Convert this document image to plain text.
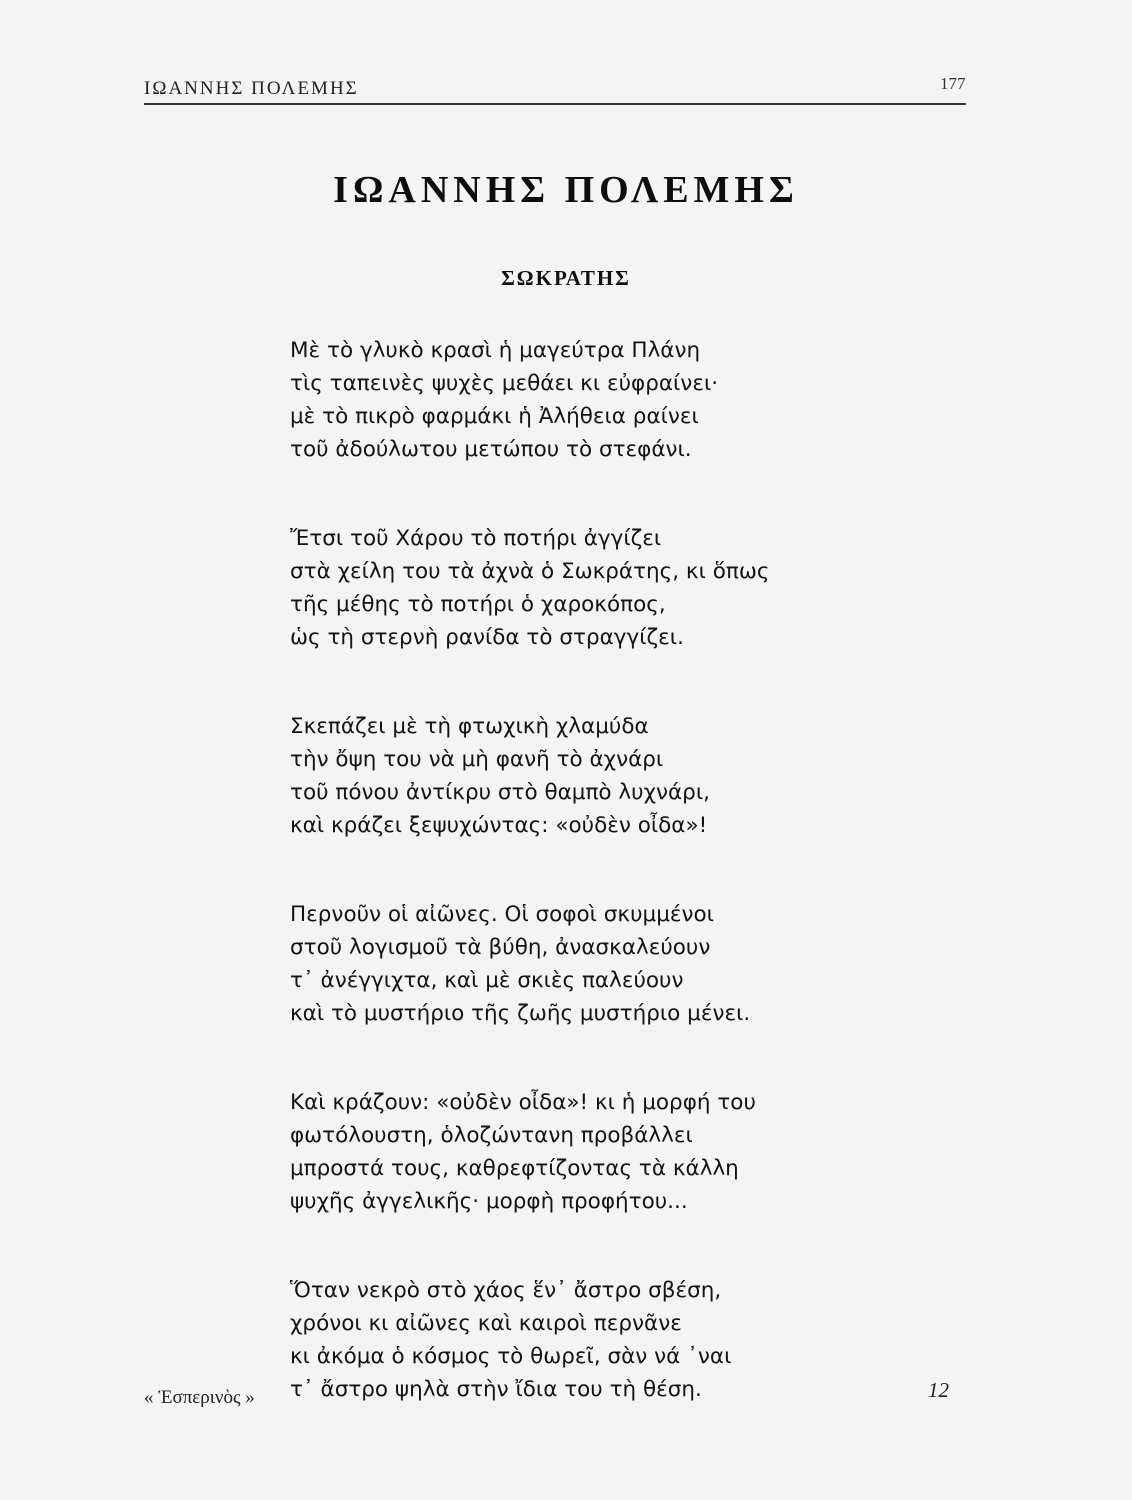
ΙΩΑΝΝΗΣ ΠΟΛΕΜΗΣ	177
ΙΩΑΝΝΗΣ ΠΟΛΕΜΗΣ
ΣΩΚΡΑΤΗΣ
Μὲ τὸ γλυκὸ κρασὶ ἡ μαγεύτρα Πλάνη
τὶς ταπεινὲς ψυχὲς μεθάει κι εὐφραίνει·
μὲ τὸ πικρὸ φαρμάκι ἡ Ἀλήθεια ραίνει
τοῦ ἀδούλωτου μετώπου τὸ στεφάνι.
Ἔτσι τοῦ Χάρου τὸ ποτήρι ἀγγίζει
στὰ χείλη του τὰ ἀχνὰ ὁ Σωκράτης, κι ὅπως
τῆς μέθης τὸ ποτήρι ὁ χαροκόπος,
ὡς τὴ στερνὴ ρανίδα τὸ στραγγίζει.
Σκεπάζει μὲ τὴ φτωχικὴ χλαμύδα
τὴν ὄψη του νὰ μὴ φανῆ τὸ ἀχνάρι
τοῦ πόνου ἀντίκρυ στὸ θαμπὸ λυχνάρι,
καὶ κράζει ξεψυχώντας: «οὐδὲν οἶδα»!
Περνοῦν οἱ αἰῶνες. Οἱ σοφοὶ σκυμμένοι
στοῦ λογισμοῦ τὰ βύθη, ἀνασκαλεύουν
τ᾿ ἀνέγγιχτα, καὶ μὲ σκιὲς παλεύουν
καὶ τὸ μυστήριο τῆς ζωῆς μυστήριο μένει.
Καὶ κράζουν: «οὐδὲν οἶδα»! κι ἡ μορφή του
φωτόλουστη, ὁλοζώντανη προβάλλει
μπροστά τους, καθρεφτίζοντας τὰ κάλλη
ψυχῆς ἀγγελικῆς· μορφὴ προφήτου...
Ὅταν νεκρὸ στὸ χάος ἕν᾿ ἄστρο σβέση,
χρόνοι κι αἰῶνες καὶ καιροὶ περνᾶνε
κι ἀκόμα ὁ κόσμος τὸ θωρεῖ, σὰν νά ᾿ναι
τ᾿ ἄστρο ψηλὰ στὴν ἴδια του τὴ θέση.
« Ἑσπερινὸς »	12
